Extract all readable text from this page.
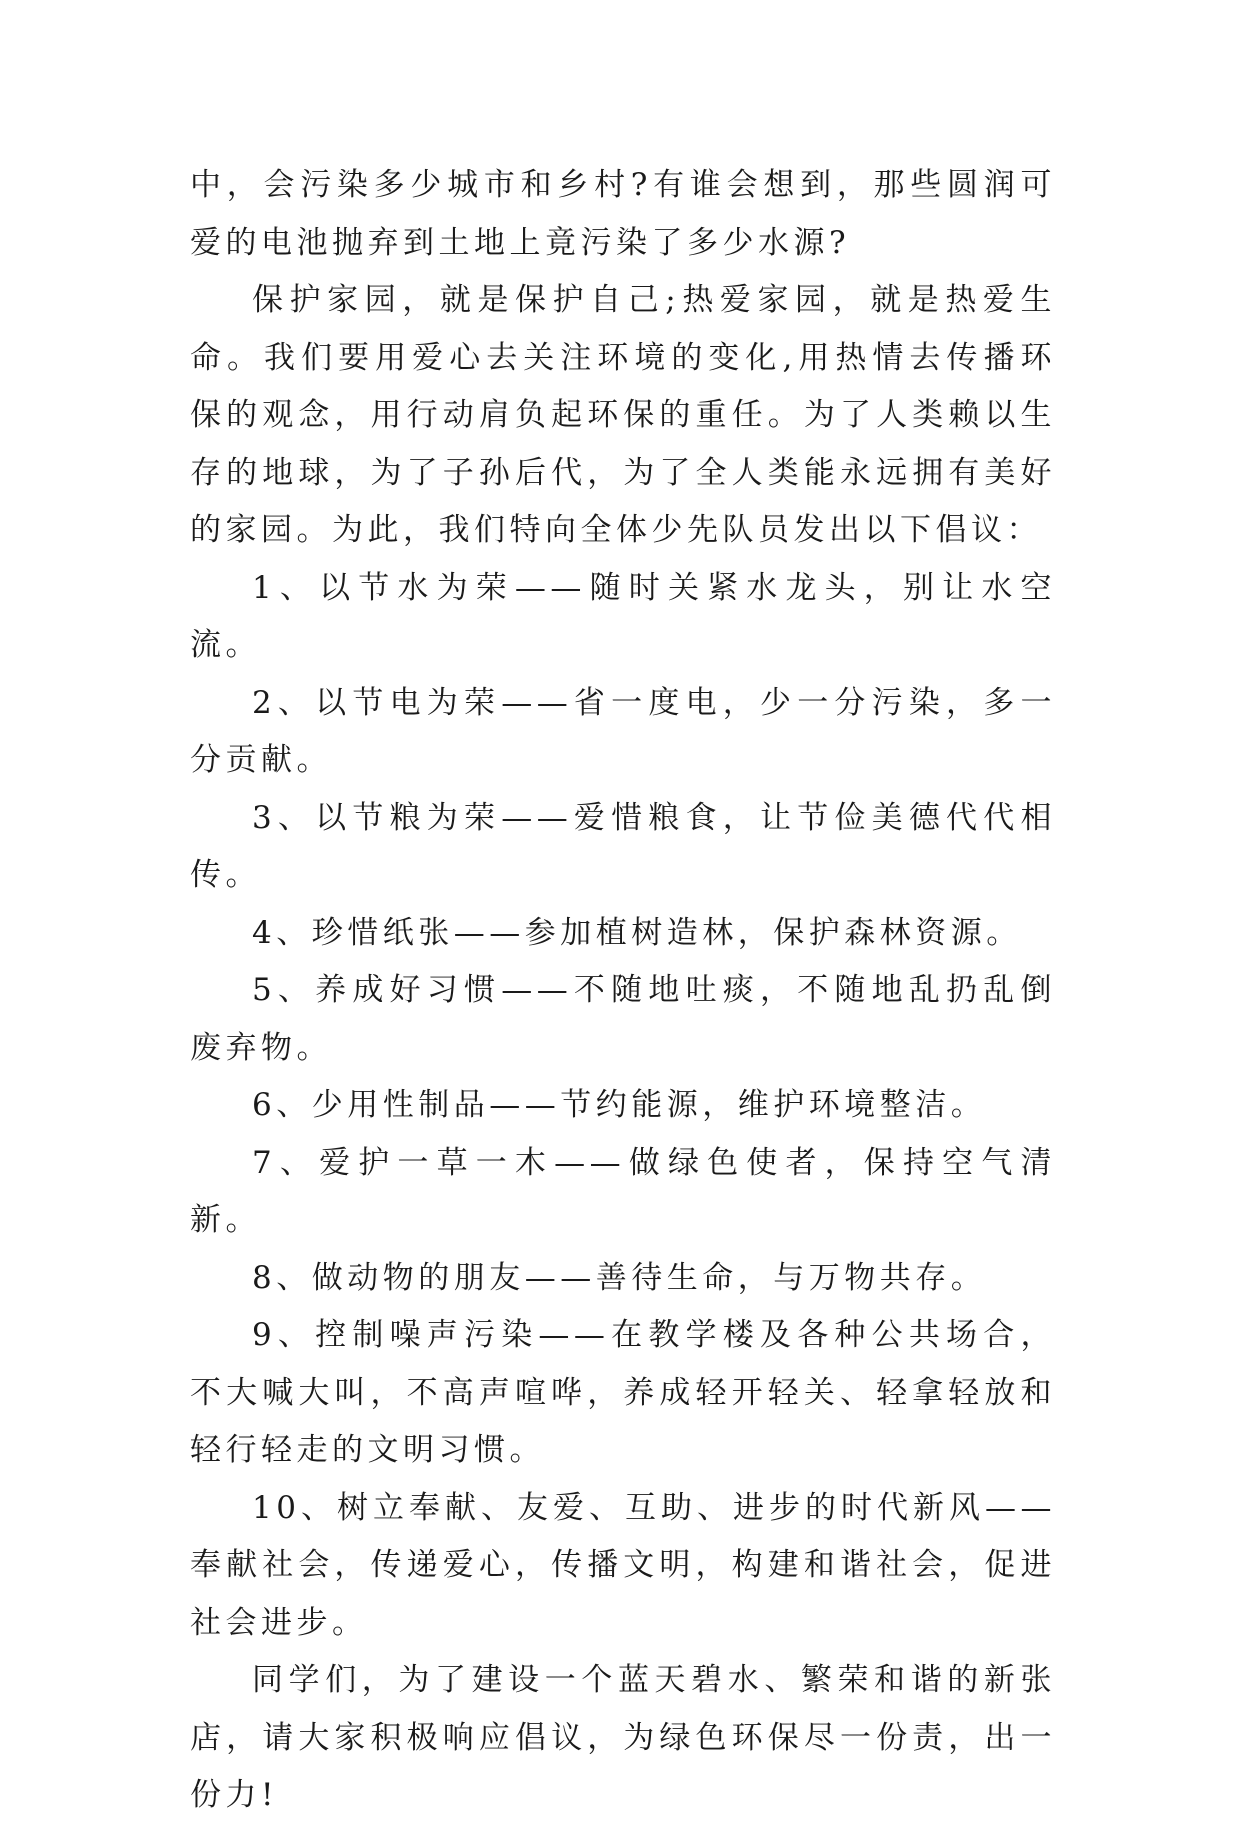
中，会污染多少城市和乡村?有谁会想到，那些圆润可爱的电池抛弃到土地上竟污染了多少水源?

保护家园，就是保护自己;热爱家园，就是热爱生命。我们要用爱心去关注环境的变化,用热情去传播环保的观念，用行动肩负起环保的重任。为了人类赖以生存的地球，为了子孙后代，为了全人类能永远拥有美好的家园。为此，我们特向全体少先队员发出以下倡议：

1、以节水为荣——随时关紧水龙头，别让水空流。

2、以节电为荣——省一度电，少一分污染，多一分贡献。

3、以节粮为荣——爱惜粮食，让节俭美德代代相传。

4、珍惜纸张——参加植树造林，保护森林资源。

5、养成好习惯——不随地吐痰，不随地乱扔乱倒废弃物。

6、少用性制品——节约能源，维护环境整洁。

7、爱护一草一木——做绿色使者，保持空气清新。

8、做动物的朋友——善待生命，与万物共存。

9、控制噪声污染——在教学楼及各种公共场合，不大喊大叫，不高声喧哗，养成轻开轻关、轻拿轻放和轻行轻走的文明习惯。

10、树立奉献、友爱、互助、进步的时代新风——奉献社会，传递爱心，传播文明，构建和谐社会，促进社会进步。

同学们，为了建设一个蓝天碧水、繁荣和谐的新张店，请大家积极响应倡议，为绿色环保尽一份责，出一份力!
